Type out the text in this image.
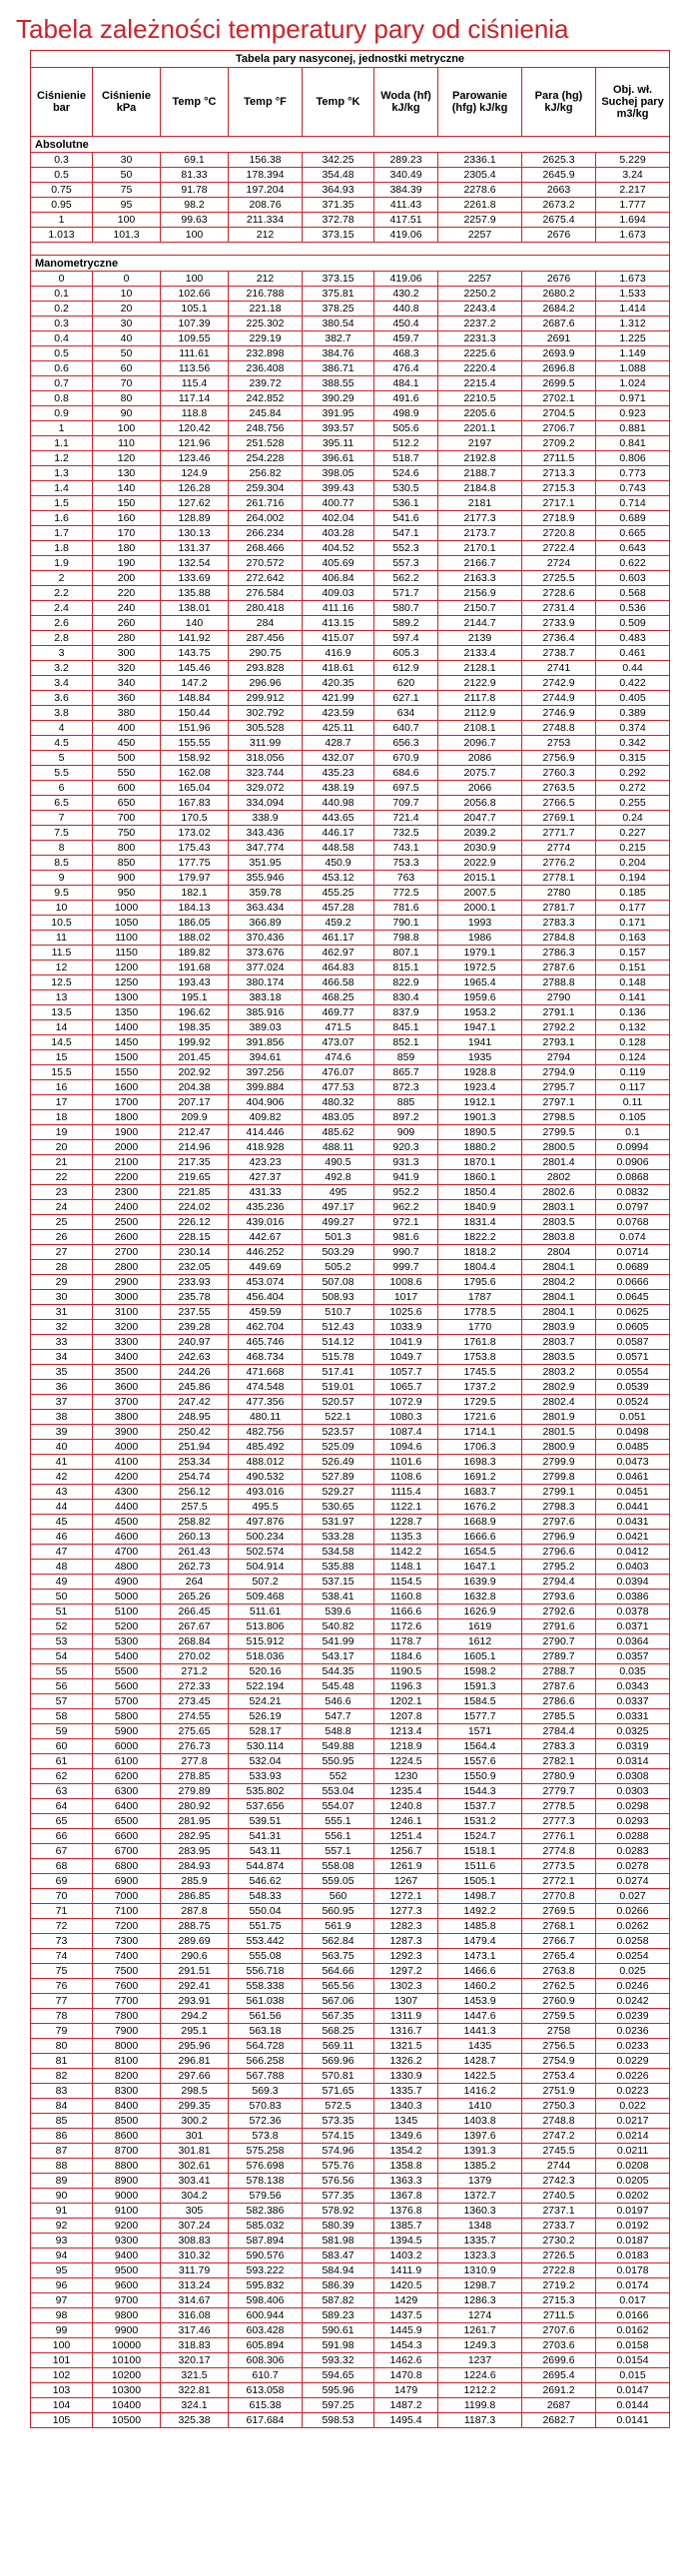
Tabela zależności temperatury pary od ciśnienia
Tabela pary nasyconej, jednostki metryczne								
Ciśnienie bar	Ciśnienie kPa	Temp °C	Temp °F	Temp °K	Woda (hf) kJ/kg	Parowanie (hfg) kJ/kg	Para (hg) kJ/kg	Obj. wł. Suchej pary m3/kg
Absolutne								
0.3	30	69.1	156.38	342.25	289.23	2336.1	2625.3	5.229
0.5	50	81.33	178.394	354.48	340.49	2305.4	2645.9	3.24
0.75	75	91.78	197.204	364.93	384.39	2278.6	2663	2.217
0.95	95	98.2	208.76	371.35	411.43	2261.8	2673.2	1.777
1	100	99.63	211.334	372.78	417.51	2257.9	2675.4	1.694
1.013	101.3	100	212	373.15	419.06	2257	2676	1.673

Manometryczne								
0	0	100	212	373.15	419.06	2257	2676	1.673
0.1	10	102.66	216.788	375.81	430.2	2250.2	2680.2	1.533
0.2	20	105.1	221.18	378.25	440.8	2243.4	2684.2	1.414
0.3	30	107.39	225.302	380.54	450.4	2237.2	2687.6	1.312
0.4	40	109.55	229.19	382.7	459.7	2231.3	2691	1.225
0.5	50	111.61	232.898	384.76	468.3	2225.6	2693.9	1.149
0.6	60	113.56	236.408	386.71	476.4	2220.4	2696.8	1.088
0.7	70	115.4	239.72	388.55	484.1	2215.4	2699.5	1.024
0.8	80	117.14	242.852	390.29	491.6	2210.5	2702.1	0.971
0.9	90	118.8	245.84	391.95	498.9	2205.6	2704.5	0.923
1	100	120.42	248.756	393.57	505.6	2201.1	2706.7	0.881
1.1	110	121.96	251.528	395.11	512.2	2197	2709.2	0.841
1.2	120	123.46	254.228	396.61	518.7	2192.8	2711.5	0.806
1.3	130	124.9	256.82	398.05	524.6	2188.7	2713.3	0.773
1.4	140	126.28	259.304	399.43	530.5	2184.8	2715.3	0.743
1.5	150	127.62	261.716	400.77	536.1	2181	2717.1	0.714
1.6	160	128.89	264.002	402.04	541.6	2177.3	2718.9	0.689
1.7	170	130.13	266.234	403.28	547.1	2173.7	2720.8	0.665
1.8	180	131.37	268.466	404.52	552.3	2170.1	2722.4	0.643
1.9	190	132.54	270.572	405.69	557.3	2166.7	2724	0.622
2	200	133.69	272.642	406.84	562.2	2163.3	2725.5	0.603
2.2	220	135.88	276.584	409.03	571.7	2156.9	2728.6	0.568
2.4	240	138.01	280.418	411.16	580.7	2150.7	2731.4	0.536
2.6	260	140	284	413.15	589.2	2144.7	2733.9	0.509
2.8	280	141.92	287.456	415.07	597.4	2139	2736.4	0.483
3	300	143.75	290.75	416.9	605.3	2133.4	2738.7	0.461
3.2	320	145.46	293.828	418.61	612.9	2128.1	2741	0.44
3.4	340	147.2	296.96	420.35	620	2122.9	2742.9	0.422
3.6	360	148.84	299.912	421.99	627.1	2117.8	2744.9	0.405
3.8	380	150.44	302.792	423.59	634	2112.9	2746.9	0.389
4	400	151.96	305.528	425.11	640.7	2108.1	2748.8	0.374
4.5	450	155.55	311.99	428.7	656.3	2096.7	2753	0.342
5	500	158.92	318.056	432.07	670.9	2086	2756.9	0.315
5.5	550	162.08	323.744	435.23	684.6	2075.7	2760.3	0.292
6	600	165.04	329.072	438.19	697.5	2066	2763.5	0.272
6.5	650	167.83	334.094	440.98	709.7	2056.8	2766.5	0.255
7	700	170.5	338.9	443.65	721.4	2047.7	2769.1	0.24
7.5	750	173.02	343.436	446.17	732.5	2039.2	2771.7	0.227
8	800	175.43	347.774	448.58	743.1	2030.9	2774	0.215
8.5	850	177.75	351.95	450.9	753.3	2022.9	2776.2	0.204
9	900	179.97	355.946	453.12	763	2015.1	2778.1	0.194
9.5	950	182.1	359.78	455.25	772.5	2007.5	2780	0.185
10	1000	184.13	363.434	457.28	781.6	2000.1	2781.7	0.177
10.5	1050	186.05	366.89	459.2	790.1	1993	2783.3	0.171
11	1100	188.02	370.436	461.17	798.8	1986	2784.8	0.163
11.5	1150	189.82	373.676	462.97	807.1	1979.1	2786.3	0.157
12	1200	191.68	377.024	464.83	815.1	1972.5	2787.6	0.151
12.5	1250	193.43	380.174	466.58	822.9	1965.4	2788.8	0.148
13	1300	195.1	383.18	468.25	830.4	1959.6	2790	0.141
13.5	1350	196.62	385.916	469.77	837.9	1953.2	2791.1	0.136
14	1400	198.35	389.03	471.5	845.1	1947.1	2792.2	0.132
14.5	1450	199.92	391.856	473.07	852.1	1941	2793.1	0.128
15	1500	201.45	394.61	474.6	859	1935	2794	0.124
15.5	1550	202.92	397.256	476.07	865.7	1928.8	2794.9	0.119
16	1600	204.38	399.884	477.53	872.3	1923.4	2795.7	0.117
17	1700	207.17	404.906	480.32	885	1912.1	2797.1	0.11
18	1800	209.9	409.82	483.05	897.2	1901.3	2798.5	0.105
19	1900	212.47	414.446	485.62	909	1890.5	2799.5	0.1
20	2000	214.96	418.928	488.11	920.3	1880.2	2800.5	0.0994
21	2100	217.35	423.23	490.5	931.3	1870.1	2801.4	0.0906
22	2200	219.65	427.37	492.8	941.9	1860.1	2802	0.0868
23	2300	221.85	431.33	495	952.2	1850.4	2802.6	0.0832
24	2400	224.02	435.236	497.17	962.2	1840.9	2803.1	0.0797
25	2500	226.12	439.016	499.27	972.1	1831.4	2803.5	0.0768
26	2600	228.15	442.67	501.3	981.6	1822.2	2803.8	0.074
27	2700	230.14	446.252	503.29	990.7	1818.2	2804	0.0714
28	2800	232.05	449.69	505.2	999.7	1804.4	2804.1	0.0689
29	2900	233.93	453.074	507.08	1008.6	1795.6	2804.2	0.0666
30	3000	235.78	456.404	508.93	1017	1787	2804.1	0.0645
31	3100	237.55	459.59	510.7	1025.6	1778.5	2804.1	0.0625
32	3200	239.28	462.704	512.43	1033.9	1770	2803.9	0.0605
33	3300	240.97	465.746	514.12	1041.9	1761.8	2803.7	0.0587
34	3400	242.63	468.734	515.78	1049.7	1753.8	2803.5	0.0571
35	3500	244.26	471.668	517.41	1057.7	1745.5	2803.2	0.0554
36	3600	245.86	474.548	519.01	1065.7	1737.2	2802.9	0.0539
37	3700	247.42	477.356	520.57	1072.9	1729.5	2802.4	0.0524
38	3800	248.95	480.11	522.1	1080.3	1721.6	2801.9	0.051
39	3900	250.42	482.756	523.57	1087.4	1714.1	2801.5	0.0498
40	4000	251.94	485.492	525.09	1094.6	1706.3	2800.9	0.0485
41	4100	253.34	488.012	526.49	1101.6	1698.3	2799.9	0.0473
42	4200	254.74	490.532	527.89	1108.6	1691.2	2799.8	0.0461
43	4300	256.12	493.016	529.27	1115.4	1683.7	2799.1	0.0451
44	4400	257.5	495.5	530.65	1122.1	1676.2	2798.3	0.0441
45	4500	258.82	497.876	531.97	1228.7	1668.9	2797.6	0.0431
46	4600	260.13	500.234	533.28	1135.3	1666.6	2796.9	0.0421
47	4700	261.43	502.574	534.58	1142.2	1654.5	2796.6	0.0412
48	4800	262.73	504.914	535.88	1148.1	1647.1	2795.2	0.0403
49	4900	264	507.2	537.15	1154.5	1639.9	2794.4	0.0394
50	5000	265.26	509.468	538.41	1160.8	1632.8	2793.6	0.0386
51	5100	266.45	511.61	539.6	1166.6	1626.9	2792.6	0.0378
52	5200	267.67	513.806	540.82	1172.6	1619	2791.6	0.0371
53	5300	268.84	515.912	541.99	1178.7	1612	2790.7	0.0364
54	5400	270.02	518.036	543.17	1184.6	1605.1	2789.7	0.0357
55	5500	271.2	520.16	544.35	1190.5	1598.2	2788.7	0.035
56	5600	272.33	522.194	545.48	1196.3	1591.3	2787.6	0.0343
57	5700	273.45	524.21	546.6	1202.1	1584.5	2786.6	0.0337
58	5800	274.55	526.19	547.7	1207.8	1577.7	2785.5	0.0331
59	5900	275.65	528.17	548.8	1213.4	1571	2784.4	0.0325
60	6000	276.73	530.114	549.88	1218.9	1564.4	2783.3	0.0319
61	6100	277.8	532.04	550.95	1224.5	1557.6	2782.1	0.0314
62	6200	278.85	533.93	552	1230	1550.9	2780.9	0.0308
63	6300	279.89	535.802	553.04	1235.4	1544.3	2779.7	0.0303
64	6400	280.92	537.656	554.07	1240.8	1537.7	2778.5	0.0298
65	6500	281.95	539.51	555.1	1246.1	1531.2	2777.3	0.0293
66	6600	282.95	541.31	556.1	1251.4	1524.7	2776.1	0.0288
67	6700	283.95	543.11	557.1	1256.7	1518.1	2774.8	0.0283
68	6800	284.93	544.874	558.08	1261.9	1511.6	2773.5	0.0278
69	6900	285.9	546.62	559.05	1267	1505.1	2772.1	0.0274
70	7000	286.85	548.33	560	1272.1	1498.7	2770.8	0.027
71	7100	287.8	550.04	560.95	1277.3	1492.2	2769.5	0.0266
72	7200	288.75	551.75	561.9	1282.3	1485.8	2768.1	0.0262
73	7300	289.69	553.442	562.84	1287.3	1479.4	2766.7	0.0258
74	7400	290.6	555.08	563.75	1292.3	1473.1	2765.4	0.0254
75	7500	291.51	556.718	564.66	1297.2	1466.6	2763.8	0.025
76	7600	292.41	558.338	565.56	1302.3	1460.2	2762.5	0.0246
77	7700	293.91	561.038	567.06	1307	1453.9	2760.9	0.0242
78	7800	294.2	561.56	567.35	1311.9	1447.6	2759.5	0.0239
79	7900	295.1	563.18	568.25	1316.7	1441.3	2758	0.0236
80	8000	295.96	564.728	569.11	1321.5	1435	2756.5	0.0233
81	8100	296.81	566.258	569.96	1326.2	1428.7	2754.9	0.0229
82	8200	297.66	567.788	570.81	1330.9	1422.5	2753.4	0.0226
83	8300	298.5	569.3	571.65	1335.7	1416.2	2751.9	0.0223
84	8400	299.35	570.83	572.5	1340.3	1410	2750.3	0.022
85	8500	300.2	572.36	573.35	1345	1403.8	2748.8	0.0217
86	8600	301	573.8	574.15	1349.6	1397.6	2747.2	0.0214
87	8700	301.81	575.258	574.96	1354.2	1391.3	2745.5	0.0211
88	8800	302.61	576.698	575.76	1358.8	1385.2	2744	0.0208
89	8900	303.41	578.138	576.56	1363.3	1379	2742.3	0.0205
90	9000	304.2	579.56	577.35	1367.8	1372.7	2740.5	0.0202
91	9100	305	582.386	578.92	1376.8	1360.3	2737.1	0.0197
92	9200	307.24	585.032	580.39	1385.7	1348	2733.7	0.0192
93	9300	308.83	587.894	581.98	1394.5	1335.7	2730.2	0.0187
94	9400	310.32	590.576	583.47	1403.2	1323.3	2726.5	0.0183
95	9500	311.79	593.222	584.94	1411.9	1310.9	2722.8	0.0178
96	9600	313.24	595.832	586.39	1420.5	1298.7	2719.2	0.0174
97	9700	314.67	598.406	587.82	1429	1286.3	2715.3	0.017
98	9800	316.08	600.944	589.23	1437.5	1274	2711.5	0.0166
99	9900	317.46	603.428	590.61	1445.9	1261.7	2707.6	0.0162
100	10000	318.83	605.894	591.98	1454.3	1249.3	2703.6	0.0158
101	10100	320.17	608.306	593.32	1462.6	1237	2699.6	0.0154
102	10200	321.5	610.7	594.65	1470.8	1224.6	2695.4	0.015
103	10300	322.81	613.058	595.96	1479	1212.2	2691.2	0.0147
104	10400	324.1	615.38	597.25	1487.2	1199.8	2687	0.0144
105	10500	325.38	617.684	598.53	1495.4	1187.3	2682.7	0.0141
